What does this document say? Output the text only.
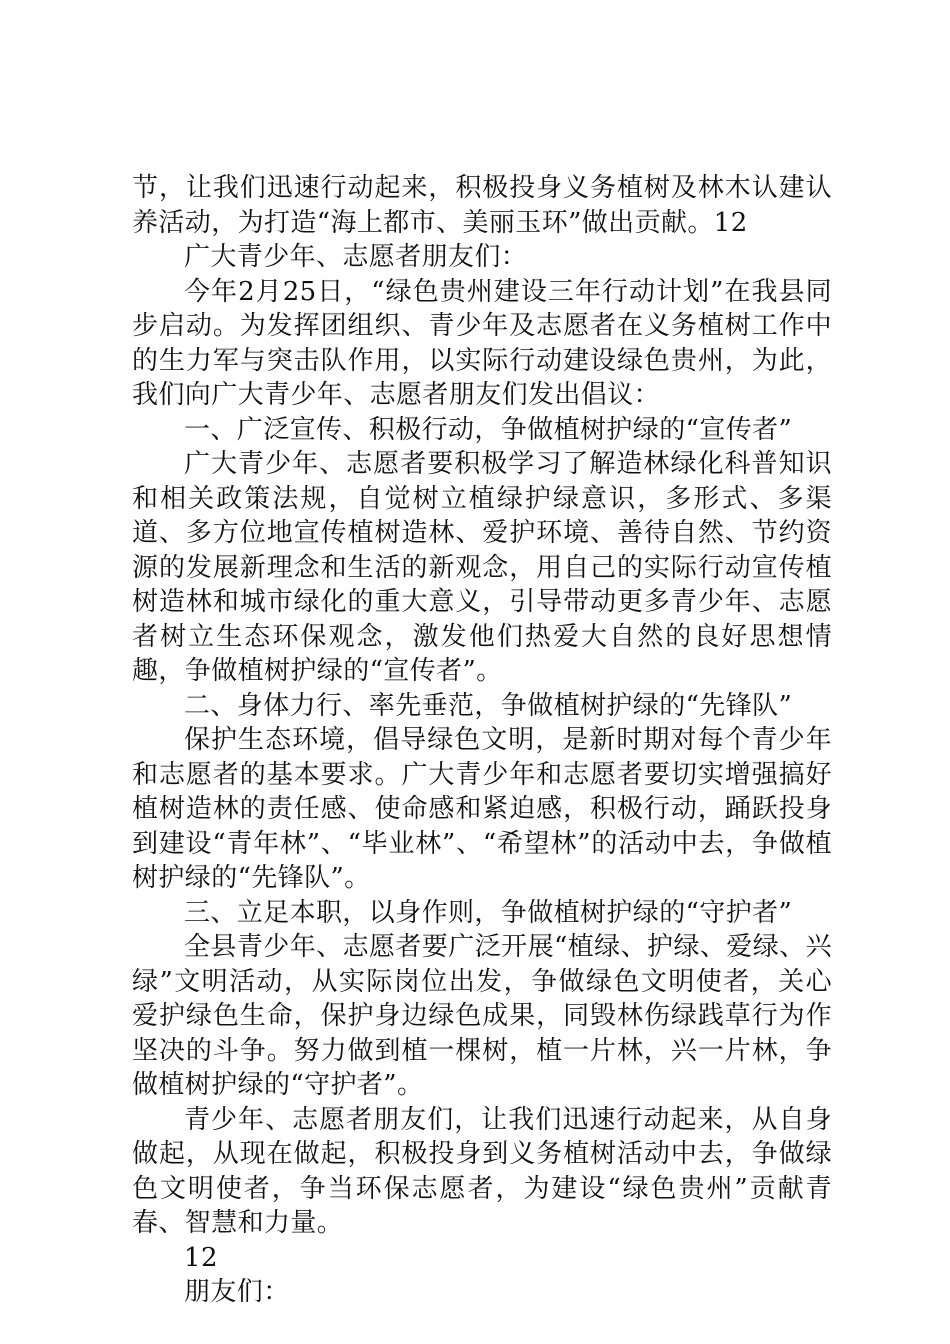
节，让我们迅速行动起来，积极投身义务植树及林木认建认养活动，为打造“海上都市、美丽玉环”做出贡献。12

广大青少年、志愿者朋友们：

今年2月25日，“绿色贵州建设三年行动计划”在我县同步启动。为发挥团组织、青少年及志愿者在义务植树工作中的生力军与突击队作用，以实际行动建设绿色贵州，为此，我们向广大青少年、志愿者朋友们发出倡议：

一、广泛宣传、积极行动，争做植树护绿的“宣传者”

广大青少年、志愿者要积极学习了解造林绿化科普知识和相关政策法规，自觉树立植绿护绿意识，多形式、多渠道、多方位地宣传植树造林、爱护环境、善待自然、节约资源的发展新理念和生活的新观念，用自己的实际行动宣传植树造林和城市绿化的重大意义，引导带动更多青少年、志愿者树立生态环保观念，激发他们热爱大自然的良好思想情趣，争做植树护绿的“宣传者”。

二、身体力行、率先垂范，争做植树护绿的“先锋队”

保护生态环境，倡导绿色文明，是新时期对每个青少年和志愿者的基本要求。广大青少年和志愿者要切实增强搞好植树造林的责任感、使命感和紧迫感，积极行动，踊跃投身到建设“青年林”、“毕业林”、“希望林”的活动中去，争做植树护绿的“先锋队”。

三、立足本职，以身作则，争做植树护绿的“守护者”

全县青少年、志愿者要广泛开展“植绿、护绿、爱绿、兴绿”文明活动，从实际岗位出发，争做绿色文明使者，关心爱护绿色生命，保护身边绿色成果，同毁林伤绿践草行为作坚决的斗争。努力做到植一棵树，植一片林，兴一片林，争做植树护绿的“守护者”。

青少年、志愿者朋友们，让我们迅速行动起来，从自身做起，从现在做起，积极投身到义务植树活动中去，争做绿色文明使者，争当环保志愿者，为建设“绿色贵州”贡献青春、智慧和力量。

12

朋友们：
